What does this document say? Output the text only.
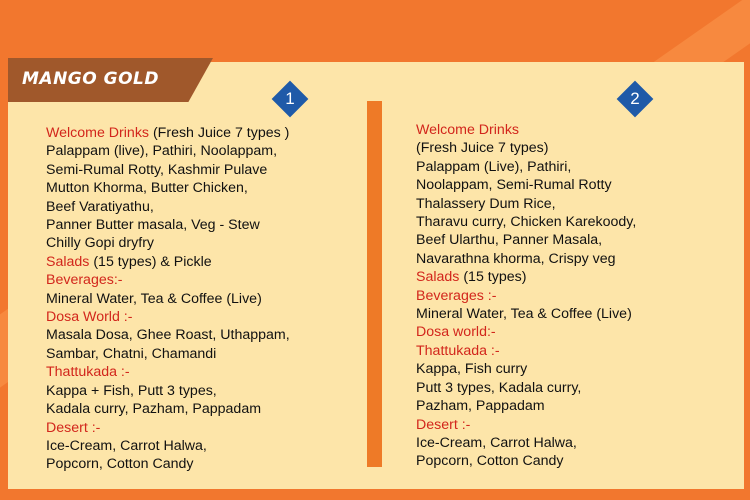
MANGO GOLD
1	2
Welcome Drinks (Fresh Juice 7 types )
Palappam (live), Pathiri, Noolappam,
Semi-Rumal Rotty, Kashmir Pulave
Mutton Khorma, Butter Chicken,
Beef Varatiyathu,
Panner Butter masala, Veg - Stew
Chilly Gopi dryfry
Salads (15 types) & Pickle
Beverages:-
Mineral Water, Tea & Coffee (Live)
Dosa World :-
Masala Dosa, Ghee Roast, Uthappam,
Sambar, Chatni, Chamandi
Thattukada :-
Kappa + Fish, Putt 3 types,
Kadala curry, Pazham, Pappadam
Desert :-
Ice-Cream, Carrot Halwa,
Popcorn, Cotton Candy
Welcome Drinks
(Fresh Juice 7 types)
Palappam (Live), Pathiri,
Noolappam, Semi-Rumal Rotty
Thalassery Dum Rice,
Tharavu curry, Chicken Karekoody,
Beef Ularthu, Panner Masala,
Navarathna khorma, Crispy veg
Salads (15 types)
Beverages :-
Mineral Water, Tea & Coffee (Live)
Dosa world:-
Thattukada :-
Kappa, Fish curry
Putt 3 types, Kadala curry,
Pazham, Pappadam
Desert :-
Ice-Cream, Carrot Halwa,
Popcorn, Cotton Candy
